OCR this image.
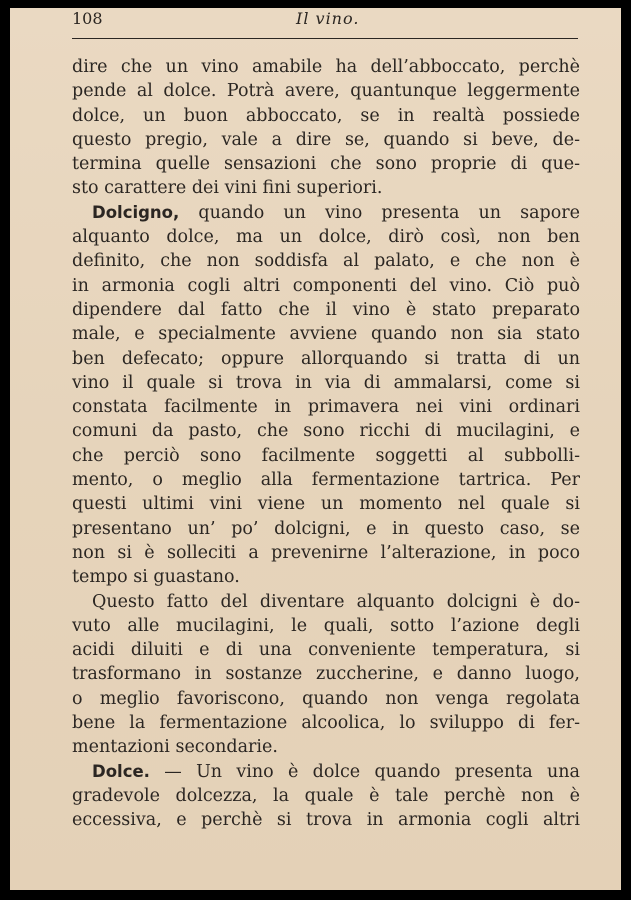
108	Il vino.
dire che un vino amabile ha dell’abboccato, perchè
pende al dolce. Potrà avere, quantunque leggermente
dolce, un buon abboccato, se in realtà possiede
questo pregio, vale a dire se, quando si beve, de-
termina quelle sensazioni che sono proprie di que-
sto carattere dei vini fini superiori.
Dolcigno, quando un vino presenta un sapore
alquanto dolce, ma un dolce, dirò così, non ben
definito, che non soddisfa al palato, e che non è
in armonia cogli altri componenti del vino. Ciò può
dipendere dal fatto che il vino è stato preparato
male, e specialmente avviene quando non sia stato
ben defecato; oppure allorquando si tratta di un
vino il quale si trova in via di ammalarsi, come si
constata facilmente in primavera nei vini ordinari
comuni da pasto, che sono ricchi di mucilagini, e
che perciò sono facilmente soggetti al subbolli-
mento, o meglio alla fermentazione tartrica. Per
questi ultimi vini viene un momento nel quale si
presentano un’ po’ dolcigni, e in questo caso, se
non si è solleciti a prevenirne l’alterazione, in poco
tempo si guastano.
Questo fatto del diventare alquanto dolcigni è do-
vuto alle mucilagini, le quali, sotto l’azione degli
acidi diluiti e di una conveniente temperatura, si
trasformano in sostanze zuccherine, e danno luogo,
o meglio favoriscono, quando non venga regolata
bene la fermentazione alcoolica, lo sviluppo di fer-
mentazioni secondarie.
Dolce. — Un vino è dolce quando presenta una
gradevole dolcezza, la quale è tale perchè non è
eccessiva, e perchè si trova in armonia cogli altri
